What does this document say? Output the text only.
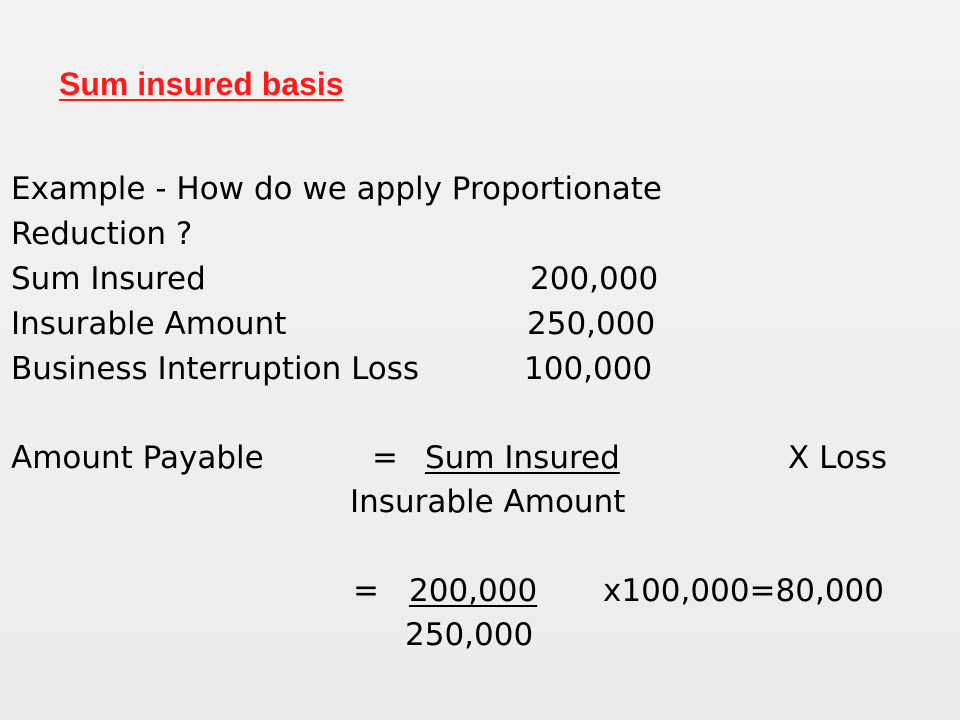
Sum insured basis
Example - How do we apply Proportionate
Reduction ?
Sum Insured	200,000
Insurable Amount	250,000
Business Interruption Loss	100,000
Amount Payable	= Sum Insured	X Loss
Insurable Amount
= 200,000 x100,000=80,000
250,000
